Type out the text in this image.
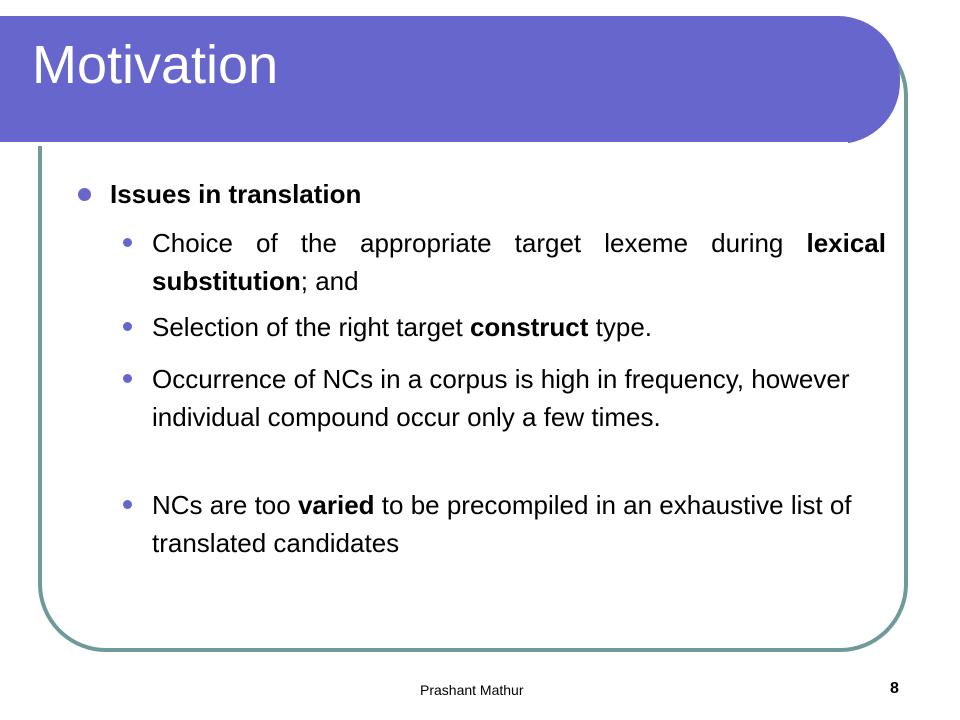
Motivation
Issues in translation
Choice of the appropriate target lexeme during lexical substitution; and
Selection of the right target construct type.
Occurrence of NCs in a corpus is high in frequency, however individual compound occur only a few times.
NCs are too varied to be precompiled in an exhaustive list of translated candidates
Prashant Mathur	8
